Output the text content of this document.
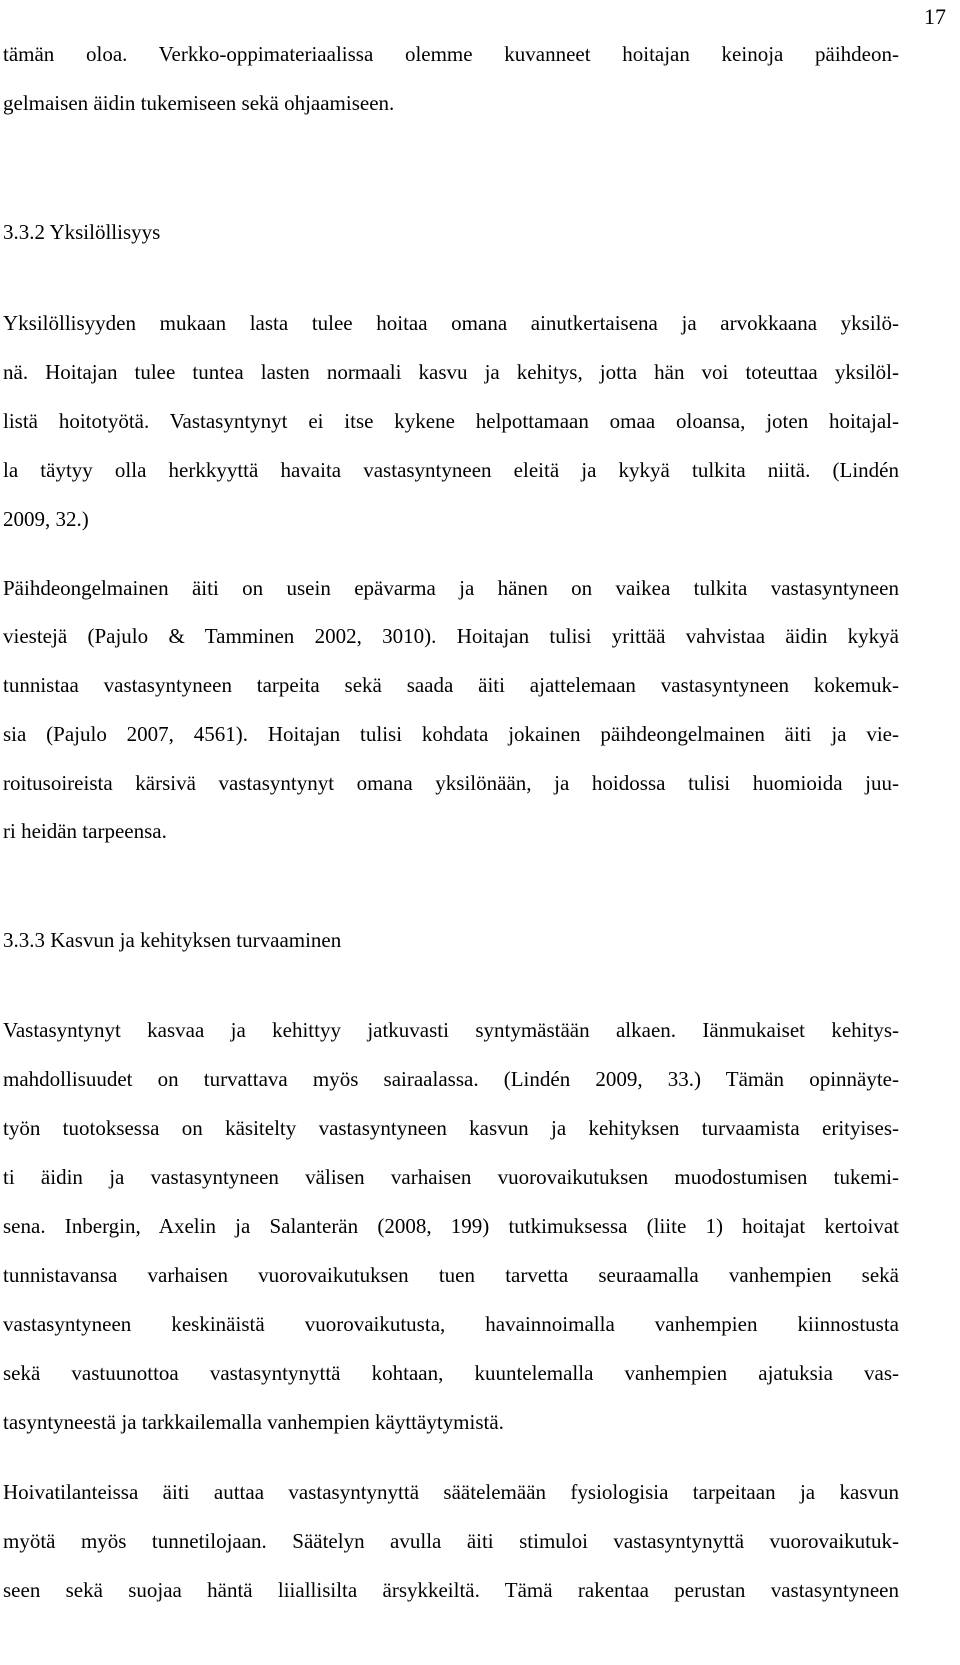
17
tämän oloa. Verkko-oppimateriaalissa olemme kuvanneet hoitajan keinoja päihdeon-
gelmaisen äidin tukemiseen sekä ohjaamiseen.
3.3.2 Yksilöllisyys
Yksilöllisyyden mukaan lasta tulee hoitaa omana ainutkertaisena ja arvokkaana yksilö-
nä. Hoitajan tulee tuntea lasten normaali kasvu ja kehitys, jotta hän voi toteuttaa yksilöl-
listä hoitotyötä. Vastasyntynyt ei itse kykene helpottamaan omaa oloansa, joten hoitajal-
la täytyy olla herkkyyttä havaita vastasyntyneen eleitä ja kykyä tulkita niitä. (Lindén
2009, 32.)
Päihdeongelmainen äiti on usein epävarma ja hänen on vaikea tulkita vastasyntyneen
viestejä (Pajulo & Tamminen 2002, 3010). Hoitajan tulisi yrittää vahvistaa äidin kykyä
tunnistaa vastasyntyneen tarpeita sekä saada äiti ajattelemaan vastasyntyneen kokemuk-
sia (Pajulo 2007, 4561). Hoitajan tulisi kohdata jokainen päihdeongelmainen äiti ja vie-
roitusoireista kärsivä vastasyntynyt omana yksilönään, ja hoidossa tulisi huomioida juu-
ri heidän tarpeensa.
3.3.3 Kasvun ja kehityksen turvaaminen
Vastasyntynyt kasvaa ja kehittyy jatkuvasti syntymästään alkaen. Iänmukaiset kehitys-
mahdollisuudet on turvattava myös sairaalassa. (Lindén 2009, 33.) Tämän opinnäyte-
työn tuotoksessa on käsitelty vastasyntyneen kasvun ja kehityksen turvaamista erityises-
ti äidin ja vastasyntyneen välisen varhaisen vuorovaikutuksen muodostumisen tukemi-
sena. Inbergin, Axelin ja Salanterän (2008, 199) tutkimuksessa (liite 1) hoitajat kertoivat
tunnistavansa varhaisen vuorovaikutuksen tuen tarvetta seuraamalla vanhempien sekä
vastasyntyneen keskinäistä vuorovaikutusta, havainnoimalla vanhempien kiinnostusta
sekä vastuunottoa vastasyntynyttä kohtaan, kuuntelemalla vanhempien ajatuksia vas-
tasyntyneestä ja tarkkailemalla vanhempien käyttäytymistä.
Hoivatilanteissa äiti auttaa vastasyntynyttä säätelemään fysiologisia tarpeitaan ja kasvun
myötä myös tunnetilojaan. Säätelyn avulla äiti stimuloi vastasyntynyttä vuorovaikutuk-
seen sekä suojaa häntä liiallisilta ärsykkeiltä. Tämä rakentaa perustan vastasyntyneen
